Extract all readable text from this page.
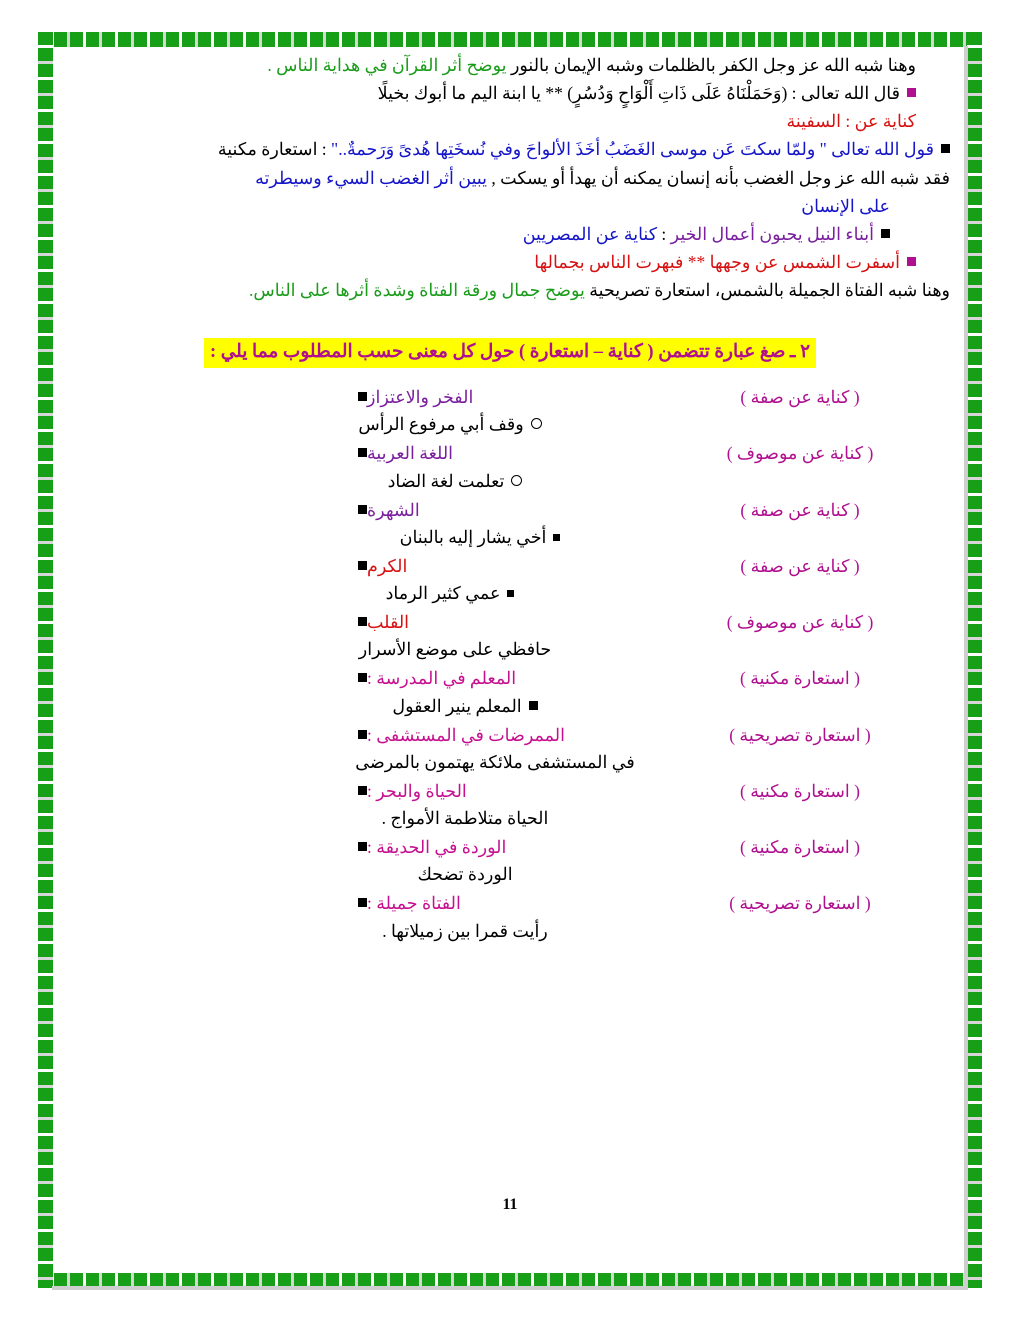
وهنا شبه الله عز وجل الكفر بالظلمات وشبه الإيمان بالنور يوضح أثر القرآن في هداية الناس .

قال الله تعالى : (وَحَمَلْنَاهُ عَلَى ذَاتِ أَلْوَاحٍ وَدُسُرٍ) ** يا ابنة اليم ما أبوك بخيلًا

كناية عن : السفينة

قول الله تعالى " ولمّا سكتَ عَن موسى الغَضَبُ أخَذَ الألواحَ وفي نُسخَتِها هُدىً وَرَحمةٌ.." : استعارة مكنية

فقد شبه الله عز وجل الغضب بأنه إنسان يمكنه أن يهدأ أو يسكت , يبين أثر الغضب السيء وسيطرته

على الإنسان

أبناء النيل يحبون أعمال الخير : كناية عن المصريين

أسفرت الشمس عن وجهها ** فبهرت الناس بجمالها

وهنا شبه الفتاة الجميلة بالشمس، استعارة تصريحية يوضح جمال ورقة الفتاة وشدة أثرها على الناس.

٢ ـ صغ عبارة تتضمن ( كناية – استعارة ) حول كل معنى حسب المطلوب مما يلي :
( كناية عن صفة )
الفخر والاعتزاز
وقف أبي مرفوع الرأس
( كناية عن موصوف )
اللغة العربية
تعلمت لغة الضاد
( كناية عن صفة )
الشهرة
أخي يشار إليه بالبنان
( كناية عن صفة )
الكرم
عمي كثير الرماد
( كناية عن موصوف )
القلب
حافظي على موضع الأسرار
( استعارة مكنية )
المعلم في المدرسة :
المعلم ينير العقول
( استعارة تصريحية )
الممرضات في المستشفى :
في المستشفى ملائكة يهتمون بالمرضى
( استعارة مكنية )
الحياة والبحر :
الحياة متلاطمة الأمواج .
( استعارة مكنية )
الوردة في الحديقة :
الوردة تضحك
( استعارة تصريحية )
الفتاة جميلة :
رأيت قمرا بين زميلاتها .
11
